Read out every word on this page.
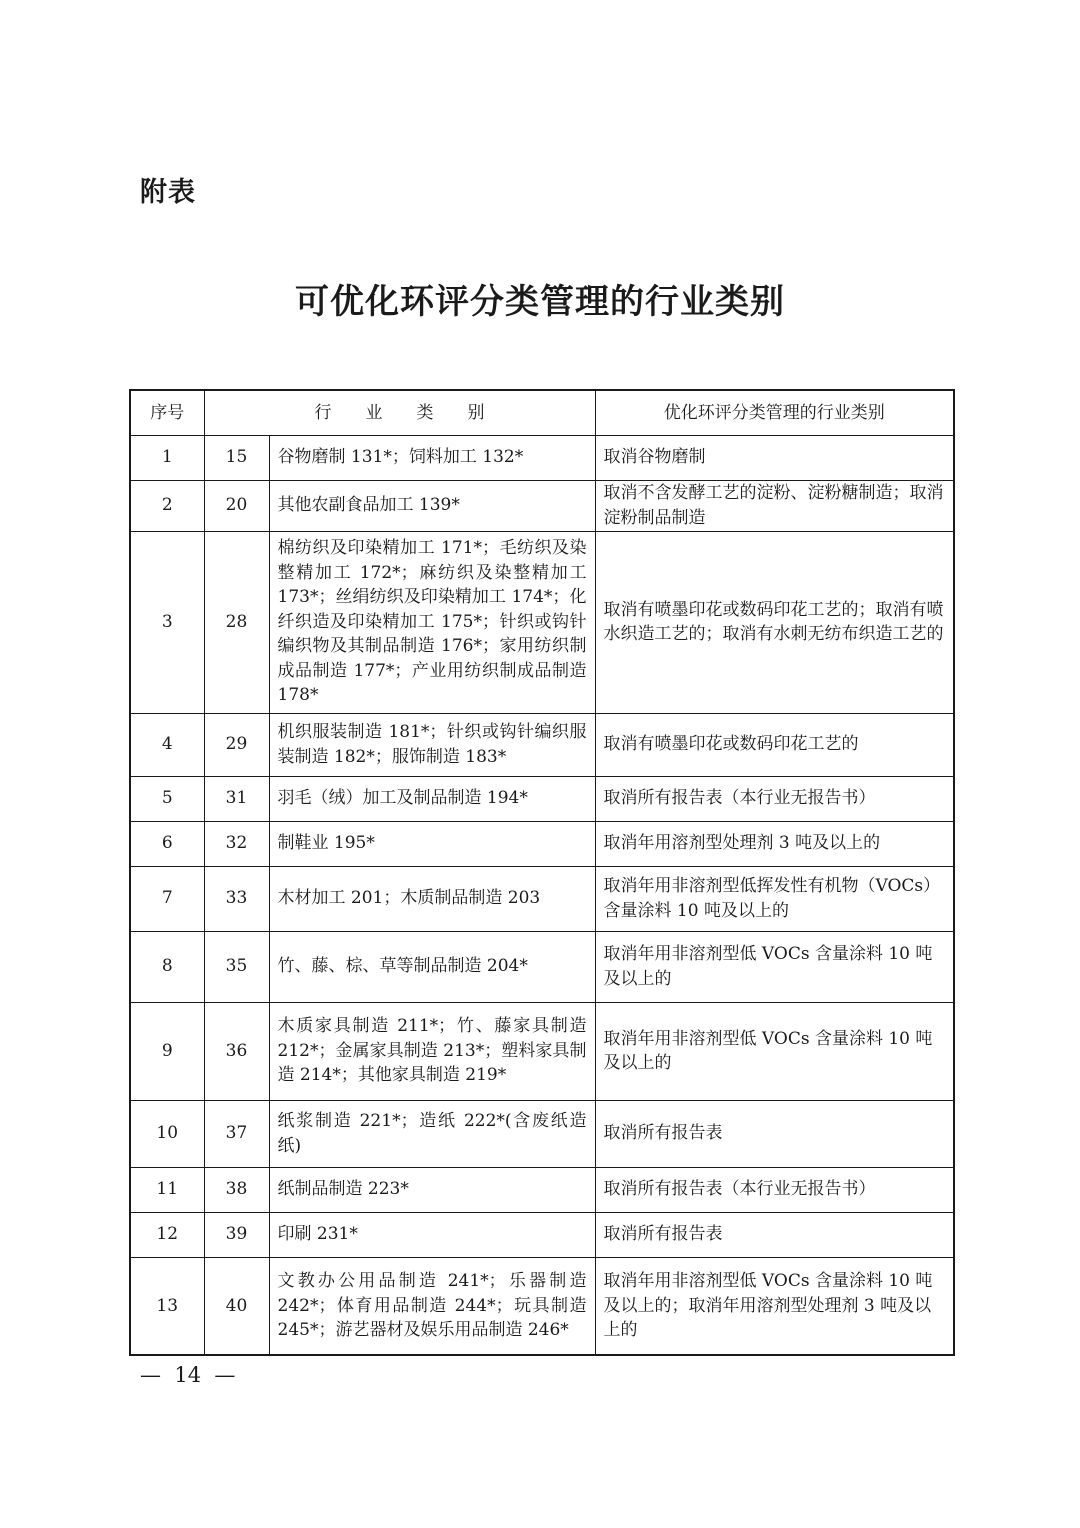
附表
可优化环评分类管理的行业类别
序号	行　　业　　类　　别		优化环评分类管理的行业类别
1	15	谷物磨制 131*；饲料加工 132*	取消谷物磨制
2	20	其他农副食品加工 139*	取消不含发酵工艺的淀粉、淀粉糖制造；取消淀粉制品制造
3	28	棉纺织及印染精加工 171*；毛纺织及染整精加工 172*；麻纺织及染整精加工 173*；丝绢纺织及印染精加工 174*；化纤织造及印染精加工 175*；针织或钩针编织物及其制品制造 176*；家用纺织制成品制造 177*；产业用纺织制成品制造 178*	取消有喷墨印花或数码印花工艺的；取消有喷水织造工艺的；取消有水刺无纺布织造工艺的
4	29	机织服装制造 181*；针织或钩针编织服装制造 182*；服饰制造 183*	取消有喷墨印花或数码印花工艺的
5	31	羽毛（绒）加工及制品制造 194*	取消所有报告表（本行业无报告书）
6	32	制鞋业 195*	取消年用溶剂型处理剂 3 吨及以上的
7	33	木材加工 201；木质制品制造 203	取消年用非溶剂型低挥发性有机物（VOCs）含量涂料 10 吨及以上的
8	35	竹、藤、棕、草等制品制造 204*	取消年用非溶剂型低 VOCs 含量涂料 10 吨及以上的
9	36	木质家具制造 211*；竹、藤家具制造 212*；金属家具制造 213*；塑料家具制造 214*；其他家具制造 219*	取消年用非溶剂型低 VOCs 含量涂料 10 吨及以上的
10	37	纸浆制造 221*；造纸 222*(含废纸造纸)	取消所有报告表
11	38	纸制品制造 223*	取消所有报告表（本行业无报告书）
12	39	印刷 231*	取消所有报告表
13	40	文教办公用品制造 241*；乐器制造 242*；体育用品制造 244*；玩具制造 245*；游艺器材及娱乐用品制造 246*	取消年用非溶剂型低 VOCs 含量涂料 10 吨及以上的；取消年用溶剂型处理剂 3 吨及以上的
—  14  —
